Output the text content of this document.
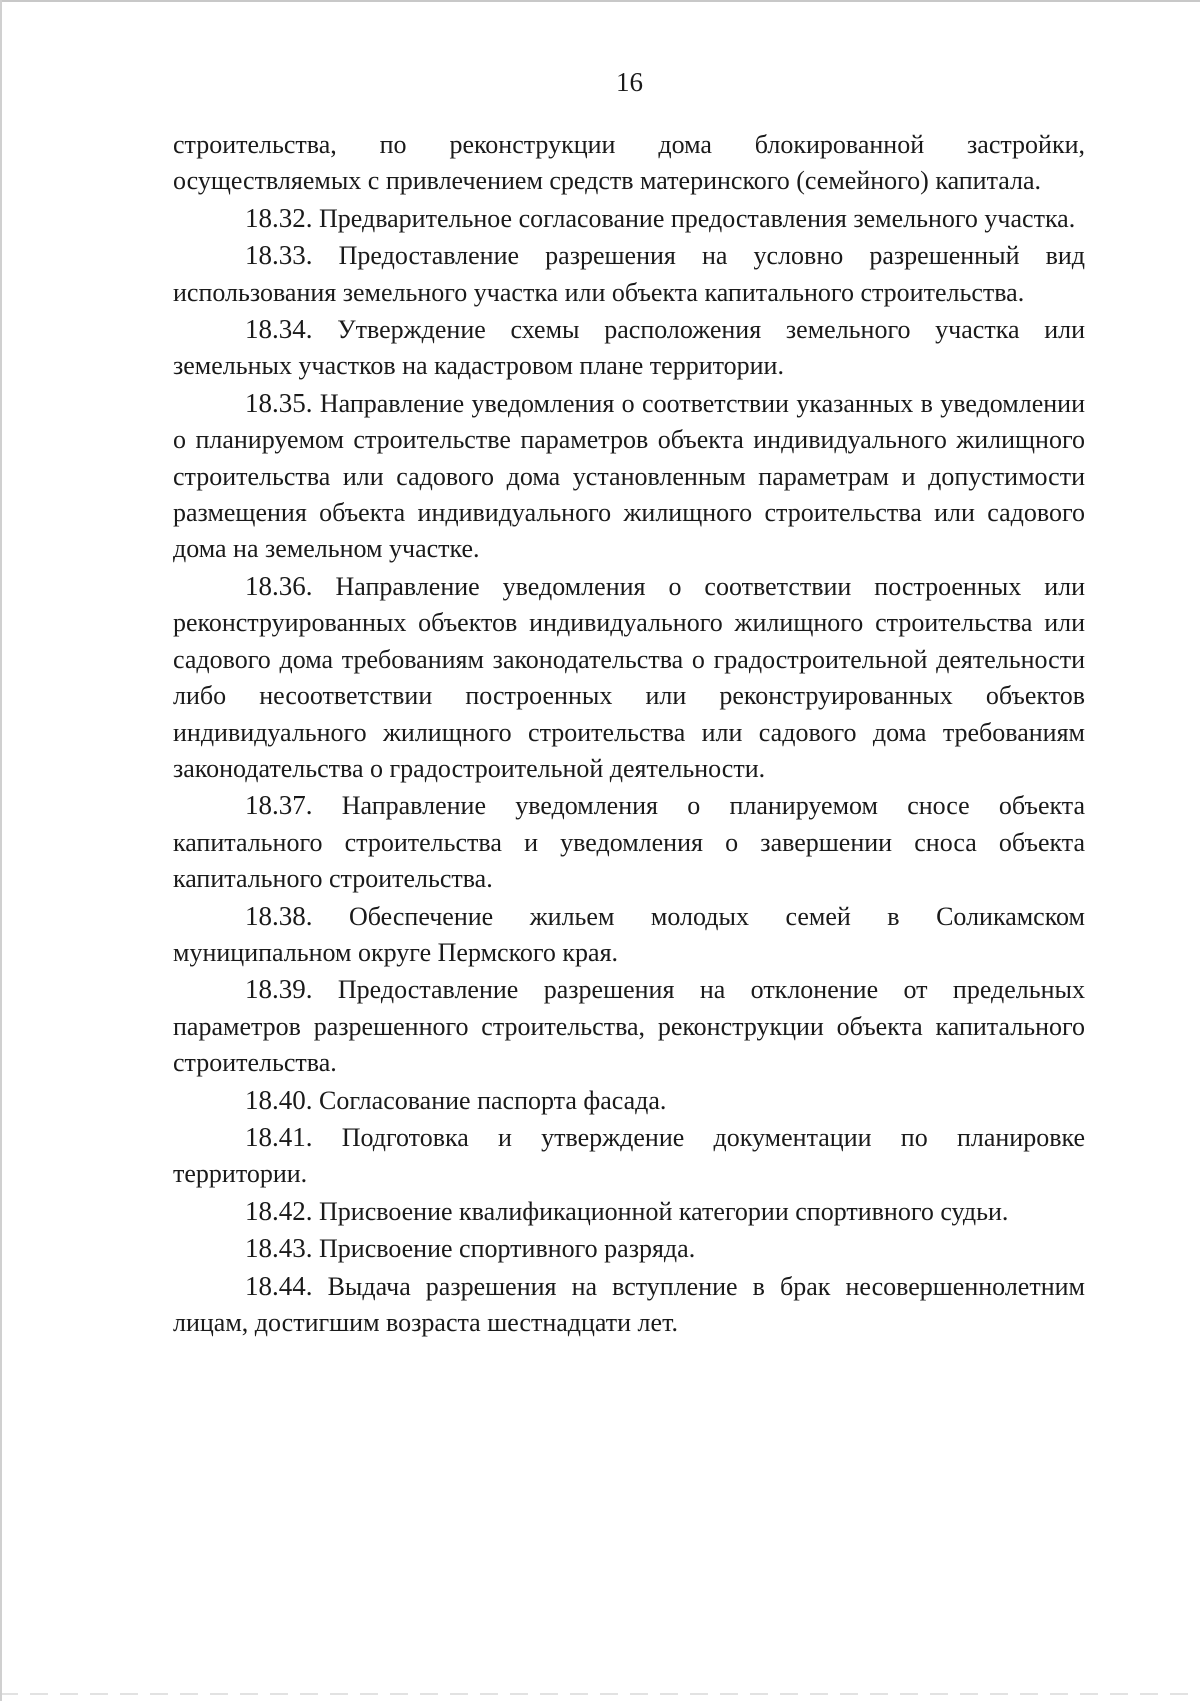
16

строительства, по реконструкции дома блокированной застройки, осуществляемых с привлечением средств материнского (семейного) капитала.

18.32. Предварительное согласование предоставления земельного участка.

18.33. Предоставление разрешения на условно разрешенный вид использования земельного участка или объекта капитального строительства.

18.34. Утверждение схемы расположения земельного участка или земельных участков на кадастровом плане территории.

18.35. Направление уведомления о соответствии указанных в уведомлении о планируемом строительстве параметров объекта индивидуального жилищного строительства или садового дома установленным параметрам и допустимости размещения объекта индивидуального жилищного строительства или садового дома на земельном участке.

18.36. Направление уведомления о соответствии построенных или реконструированных объектов индивидуального жилищного строительства или садового дома требованиям законодательства о градостроительной деятельности либо несоответствии построенных или реконструированных объектов индивидуального жилищного строительства или садового дома требованиям законодательства о градостроительной деятельности.

18.37. Направление уведомления о планируемом сносе объекта капитального строительства и уведомления о завершении сноса объекта капитального строительства.

18.38. Обеспечение жильем молодых семей в Соликамском муниципальном округе Пермского края.

18.39. Предоставление разрешения на отклонение от предельных параметров разрешенного строительства, реконструкции объекта капитального строительства.

18.40. Согласование паспорта фасада.

18.41. Подготовка и утверждение документации по планировке территории.

18.42. Присвоение квалификационной категории спортивного судьи.

18.43. Присвоение спортивного разряда.

18.44. Выдача разрешения на вступление в брак несовершеннолетним лицам, достигшим возраста шестнадцати лет.
